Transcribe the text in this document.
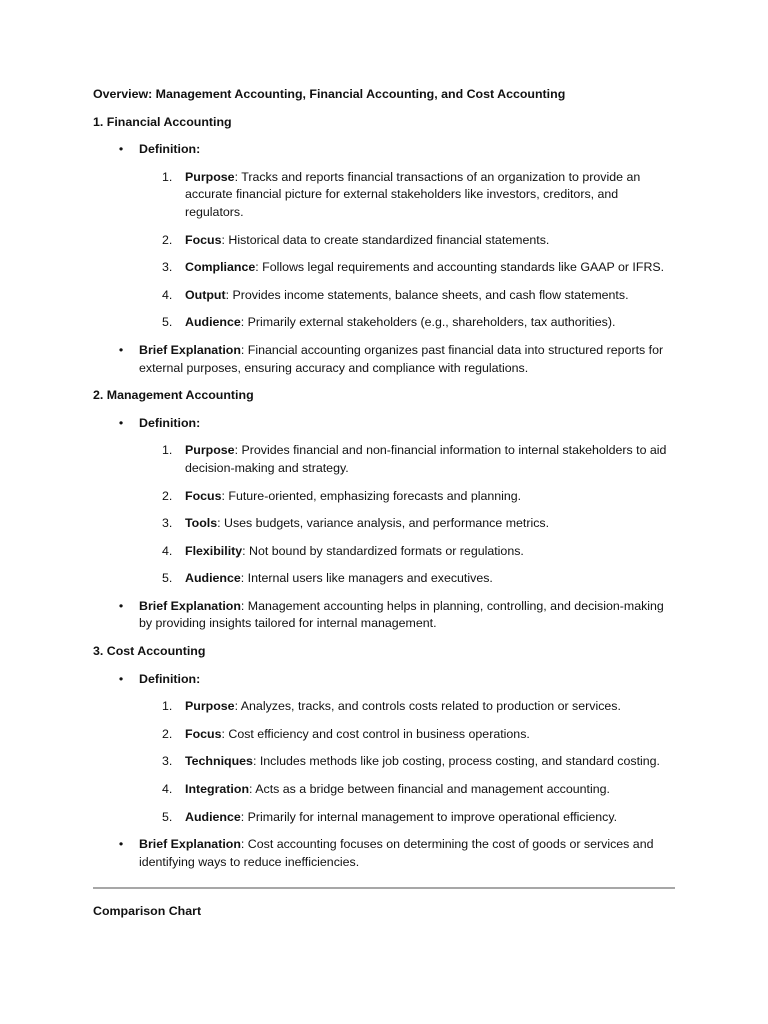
Overview: Management Accounting, Financial Accounting, and Cost Accounting
1. Financial Accounting
• Definition:
1.	Purpose: Tracks and reports financial transactions of an organization to provide an accurate financial picture for external stakeholders like investors, creditors, and regulators.
2.	Focus: Historical data to create standardized financial statements.
3.	Compliance: Follows legal requirements and accounting standards like GAAP or IFRS.
4.	Output: Provides income statements, balance sheets, and cash flow statements.
5.	Audience: Primarily external stakeholders (e.g., shareholders, tax authorities).
• Brief Explanation: Financial accounting organizes past financial data into structured reports for external purposes, ensuring accuracy and compliance with regulations.
2. Management Accounting
• Definition:
1.	Purpose: Provides financial and non-financial information to internal stakeholders to aid decision-making and strategy.
2.	Focus: Future-oriented, emphasizing forecasts and planning.
3.	Tools: Uses budgets, variance analysis, and performance metrics.
4.	Flexibility: Not bound by standardized formats or regulations.
5.	Audience: Internal users like managers and executives.
• Brief Explanation: Management accounting helps in planning, controlling, and decision-making by providing insights tailored for internal management.
3. Cost Accounting
• Definition:
1.	Purpose: Analyzes, tracks, and controls costs related to production or services.
2.	Focus: Cost efficiency and cost control in business operations.
3.	Techniques: Includes methods like job costing, process costing, and standard costing.
4.	Integration: Acts as a bridge between financial and management accounting.
5.	Audience: Primarily for internal management to improve operational efficiency.
• Brief Explanation: Cost accounting focuses on determining the cost of goods or services and identifying ways to reduce inefficiencies.
Comparison Chart
